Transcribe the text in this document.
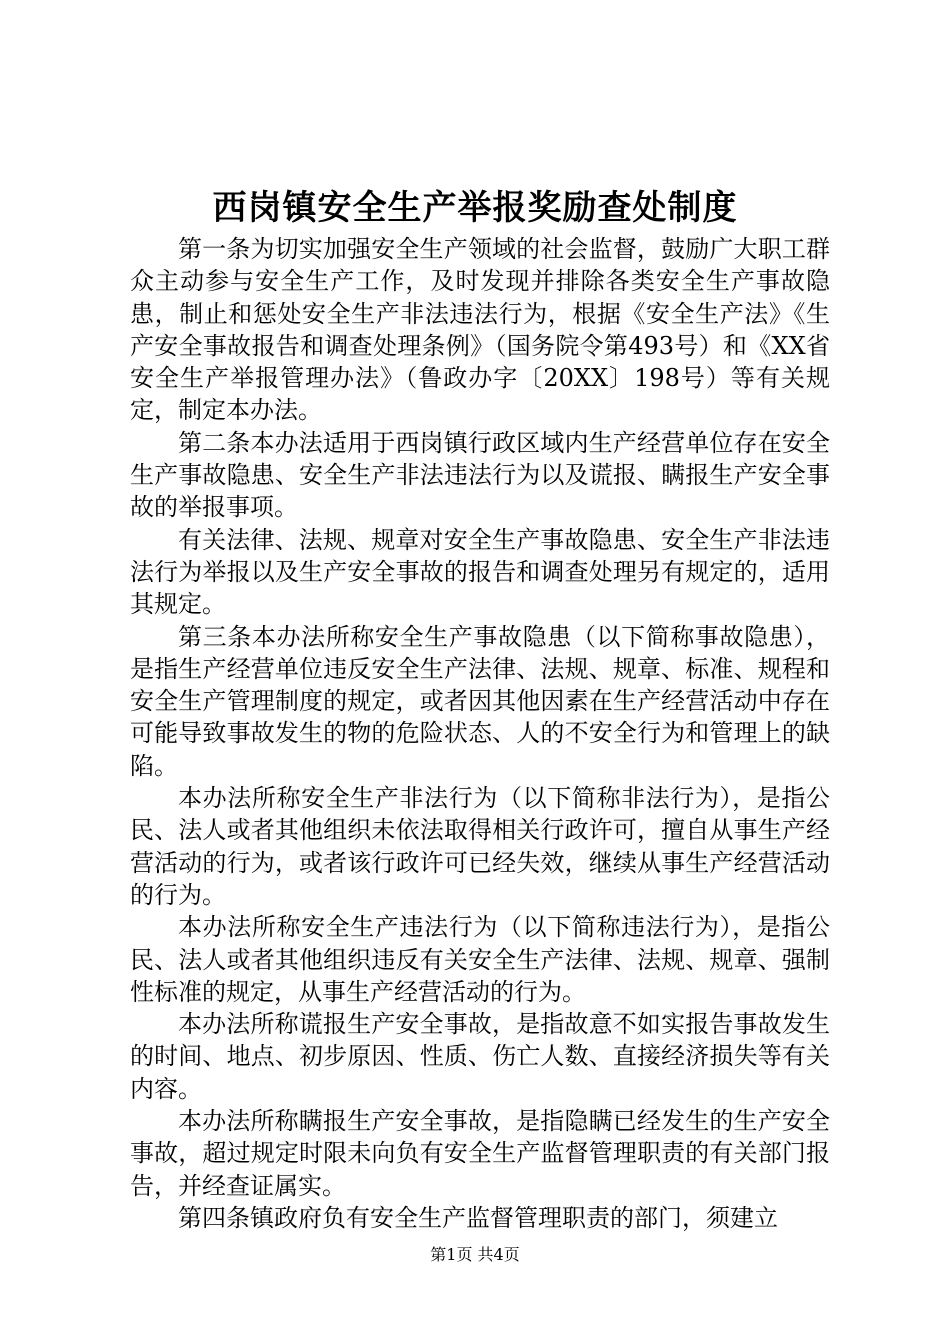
西岗镇安全生产举报奖励查处制度

第一条为切实加强安全生产领域的社会监督，鼓励广大职工群众主动参与安全生产工作，及时发现并排除各类安全生产事故隐患，制止和惩处安全生产非法违法行为，根据《安全生产法》《生产安全事故报告和调查处理条例》（国务院令第493号）和《XX省安全生产举报管理办法》（鲁政办字〔20XX〕198号）等有关规定，制定本办法。

第二条本办法适用于西岗镇行政区域内生产经营单位存在安全生产事故隐患、安全生产非法违法行为以及谎报、瞒报生产安全事故的举报事项。

有关法律、法规、规章对安全生产事故隐患、安全生产非法违法行为举报以及生产安全事故的报告和调查处理另有规定的，适用其规定。

第三条本办法所称安全生产事故隐患（以下简称事故隐患），是指生产经营单位违反安全生产法律、法规、规章、标准、规程和安全生产管理制度的规定，或者因其他因素在生产经营活动中存在可能导致事故发生的物的危险状态、人的不安全行为和管理上的缺陷。

本办法所称安全生产非法行为（以下简称非法行为），是指公民、法人或者其他组织未依法取得相关行政许可，擅自从事生产经营活动的行为，或者该行政许可已经失效，继续从事生产经营活动的行为。

本办法所称安全生产违法行为（以下简称违法行为），是指公民、法人或者其他组织违反有关安全生产法律、法规、规章、强制性标准的规定，从事生产经营活动的行为。

本办法所称谎报生产安全事故，是指故意不如实报告事故发生的时间、地点、初步原因、性质、伤亡人数、直接经济损失等有关内容。

本办法所称瞒报生产安全事故，是指隐瞒已经发生的生产安全事故，超过规定时限未向负有安全生产监督管理职责的有关部门报告，并经查证属实。

第四条镇政府负有安全生产监督管理职责的部门，须建立

第1页 共4页
